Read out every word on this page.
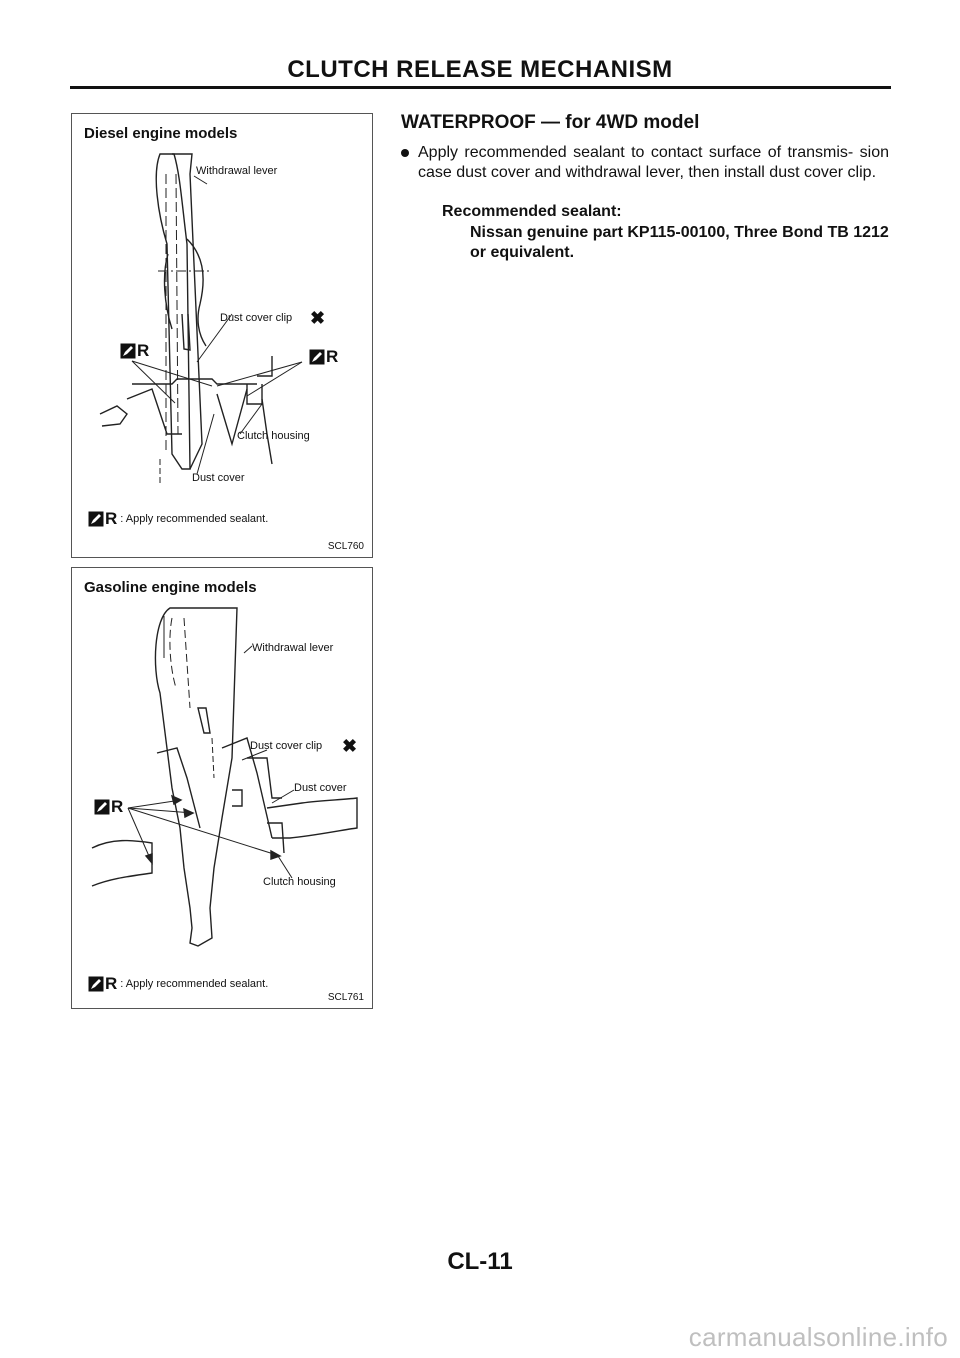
CLUTCH RELEASE MECHANISM
Diesel engine models
Withdrawal lever
Dust cover clip ✖
Clutch housing
Dust cover
R	R
R : Apply recommended sealant.
SCL760
Gasoline engine models
Withdrawal lever
Dust cover clip ✖
Dust cover
Clutch housing
R
R : Apply recommended sealant.
SCL761
WATERPROOF — for 4WD model
Apply recommended sealant to contact surface of transmis- sion case dust cover and withdrawal lever, then install dust cover clip.
Recommended sealant:
Nissan genuine part KP115-00100, Three Bond TB 1212 or equivalent.
CL-11
carmanualsonline.info
